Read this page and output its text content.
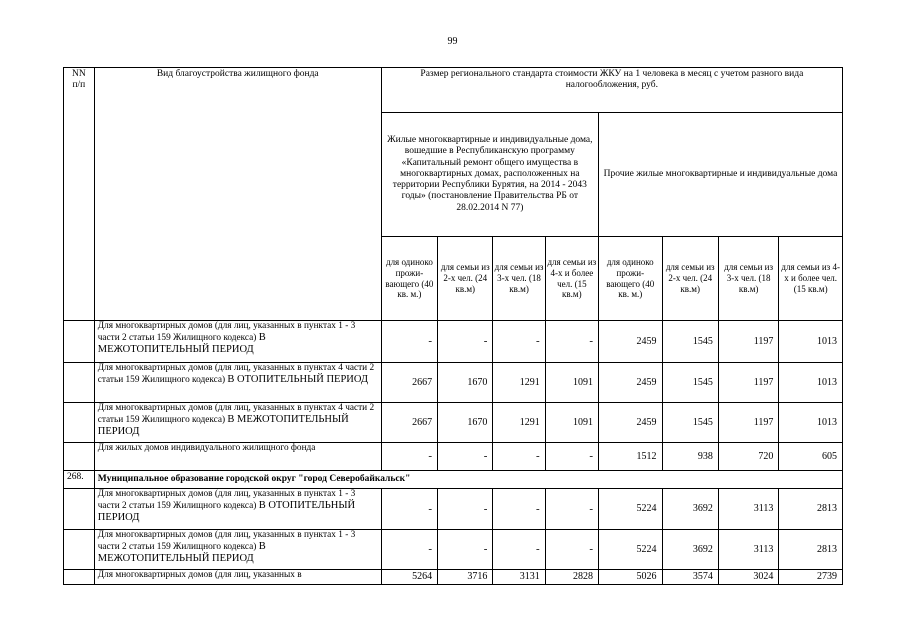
99
NN п/п	Вид благоустройства жилищного фонда	Размер регионального стандарта стоимости ЖКУ на 1 человека в месяц с учетом разного вида налогообложения, руб.							
		Жилые многоквартирные и индивидуальные дома, вошедшие в Республиканскую программу «Капитальный ремонт общего имущества в многоквартирных домах, расположенных на территории Республики Бурятия, на 2014 - 2043 годы» (постановление Правительства РБ от 28.02.2014 N 77)				Прочие жилые многоквартирные и индивидуальные дома			
		для одиноко прожи- вающего (40 кв. м.)	для семьи из 2-х чел. (24 кв.м)	для семьи из 3-х чел. (18 кв.м)	для семьи из 4-х и более чел. (15 кв.м)	для одиноко прожи- вающего (40 кв. м.)	для семьи из 2-х чел. (24 кв.м)	для семьи из 3-х чел. (18 кв.м)	для семьи из 4-х и более чел. (15 кв.м)
	Для многоквартирных домов (для лиц, указанных в пунктах 1 - 3 части 2 статьи 159 Жилищного кодекса) В МЕЖОТОПИТЕЛЬНЫЙ ПЕРИОД	-	-	-	-	2459	1545	1197	1013
	Для многоквартирных домов (для лиц, указанных в пунктах 4 части 2 статьи 159 Жилищного кодекса) В ОТОПИТЕЛЬНЫЙ ПЕРИОД	2667	1670	1291	1091	2459	1545	1197	1013
	Для многоквартирных домов (для лиц, указанных в пунктах 4 части 2 статьи 159 Жилищного кодекса) В МЕЖОТОПИТЕЛЬНЫЙ ПЕРИОД	2667	1670	1291	1091	2459	1545	1197	1013
	Для жилых домов индивидуального жилищного фонда	-	-	-	-	1512	938	720	605
268.	Муниципальное образование городской округ "город Северобайкальск"								
	Для многоквартирных домов (для лиц, указанных в пунктах 1 - 3 части 2 статьи 159 Жилищного кодекса) В ОТОПИТЕЛЬНЫЙ ПЕРИОД	-	-	-	-	5224	3692	3113	2813
	Для многоквартирных домов (для лиц, указанных в пунктах 1 - 3 части 2 статьи 159 Жилищного кодекса) В МЕЖОТОПИТЕЛЬНЫЙ ПЕРИОД	-	-	-	-	5224	3692	3113	2813
	Для многоквартирных домов (для лиц, указанных в	5264	3716	3131	2828	5026	3574	3024	2739
